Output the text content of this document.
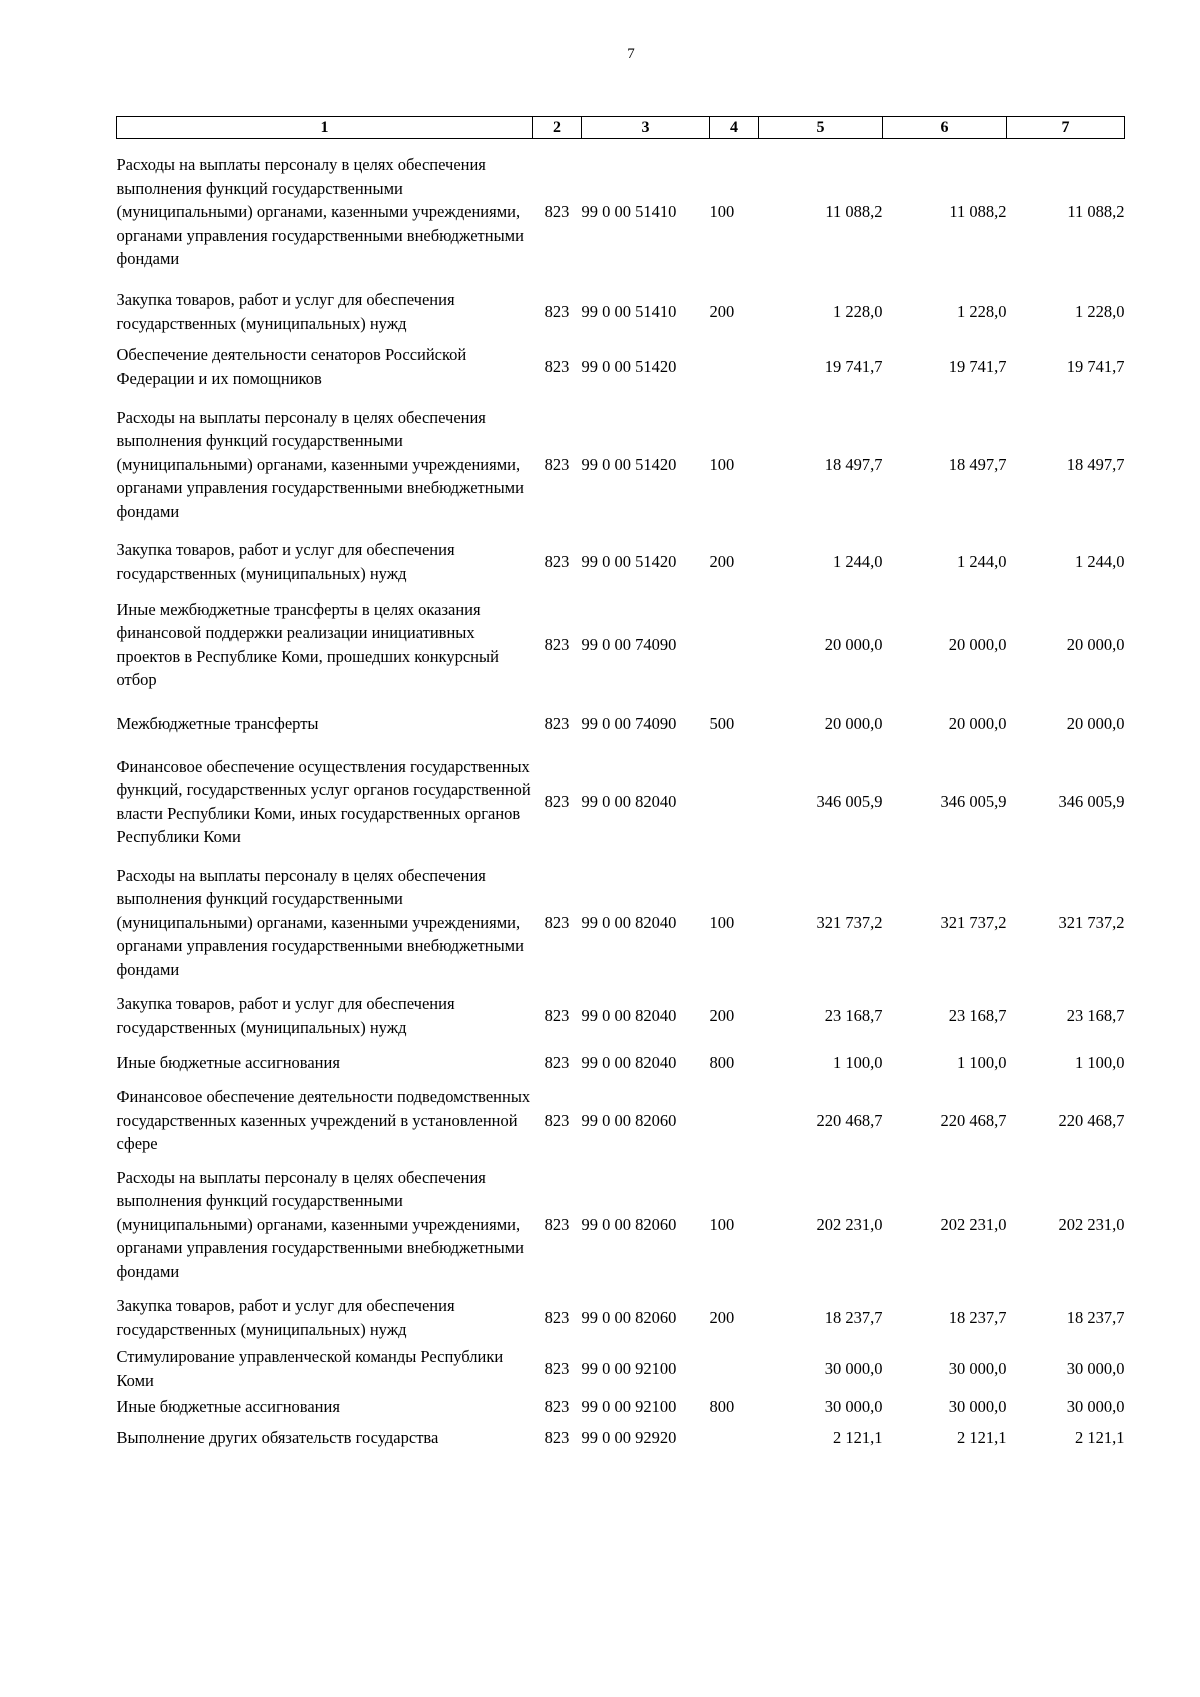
7
1	2	3	4	5	6	7
Расходы на выплаты персоналу в целях обеспечения выполнения функций государственными (муниципальными) органами, казенными учреждениями, органами управления государственными внебюджетными фондами	823	99 0 00 51410	100	11 088,2	11 088,2	11 088,2
Закупка товаров, работ и услуг для обеспечения государственных (муниципальных) нужд	823	99 0 00 51410	200	1 228,0	1 228,0	1 228,0
Обеспечение деятельности сенаторов Российской Федерации и их помощников	823	99 0 00 51420		19 741,7	19 741,7	19 741,7
Расходы на выплаты персоналу в целях обеспечения выполнения функций государственными (муниципальными) органами, казенными учреждениями, органами управления государственными внебюджетными фондами	823	99 0 00 51420	100	18 497,7	18 497,7	18 497,7
Закупка товаров, работ и услуг для обеспечения государственных (муниципальных) нужд	823	99 0 00 51420	200	1 244,0	1 244,0	1 244,0
Иные межбюджетные трансферты в целях оказания финансовой поддержки реализации инициативных проектов в Республике Коми, прошедших конкурсный отбор	823	99 0 00 74090		20 000,0	20 000,0	20 000,0
Межбюджетные трансферты	823	99 0 00 74090	500	20 000,0	20 000,0	20 000,0
Финансовое обеспечение осуществления государственных функций, государственных услуг органов государственной власти Республики Коми, иных государственных органов Республики Коми	823	99 0 00 82040		346 005,9	346 005,9	346 005,9
Расходы на выплаты персоналу в целях обеспечения выполнения функций государственными (муниципальными) органами, казенными учреждениями, органами управления государственными внебюджетными фондами	823	99 0 00 82040	100	321 737,2	321 737,2	321 737,2
Закупка товаров, работ и услуг для обеспечения государственных (муниципальных) нужд	823	99 0 00 82040	200	23 168,7	23 168,7	23 168,7
Иные бюджетные ассигнования	823	99 0 00 82040	800	1 100,0	1 100,0	1 100,0
Финансовое обеспечение деятельности подведомственных государственных казенных учреждений в установленной сфере	823	99 0 00 82060		220 468,7	220 468,7	220 468,7
Расходы на выплаты персоналу в целях обеспечения выполнения функций государственными (муниципальными) органами, казенными учреждениями, органами управления государственными внебюджетными фондами	823	99 0 00 82060	100	202 231,0	202 231,0	202 231,0
Закупка товаров, работ и услуг для обеспечения государственных (муниципальных) нужд	823	99 0 00 82060	200	18 237,7	18 237,7	18 237,7
Стимулирование управленческой команды Республики Коми	823	99 0 00 92100		30 000,0	30 000,0	30 000,0
Иные бюджетные ассигнования	823	99 0 00 92100	800	30 000,0	30 000,0	30 000,0
Выполнение других обязательств государства	823	99 0 00 92920		2 121,1	2 121,1	2 121,1
